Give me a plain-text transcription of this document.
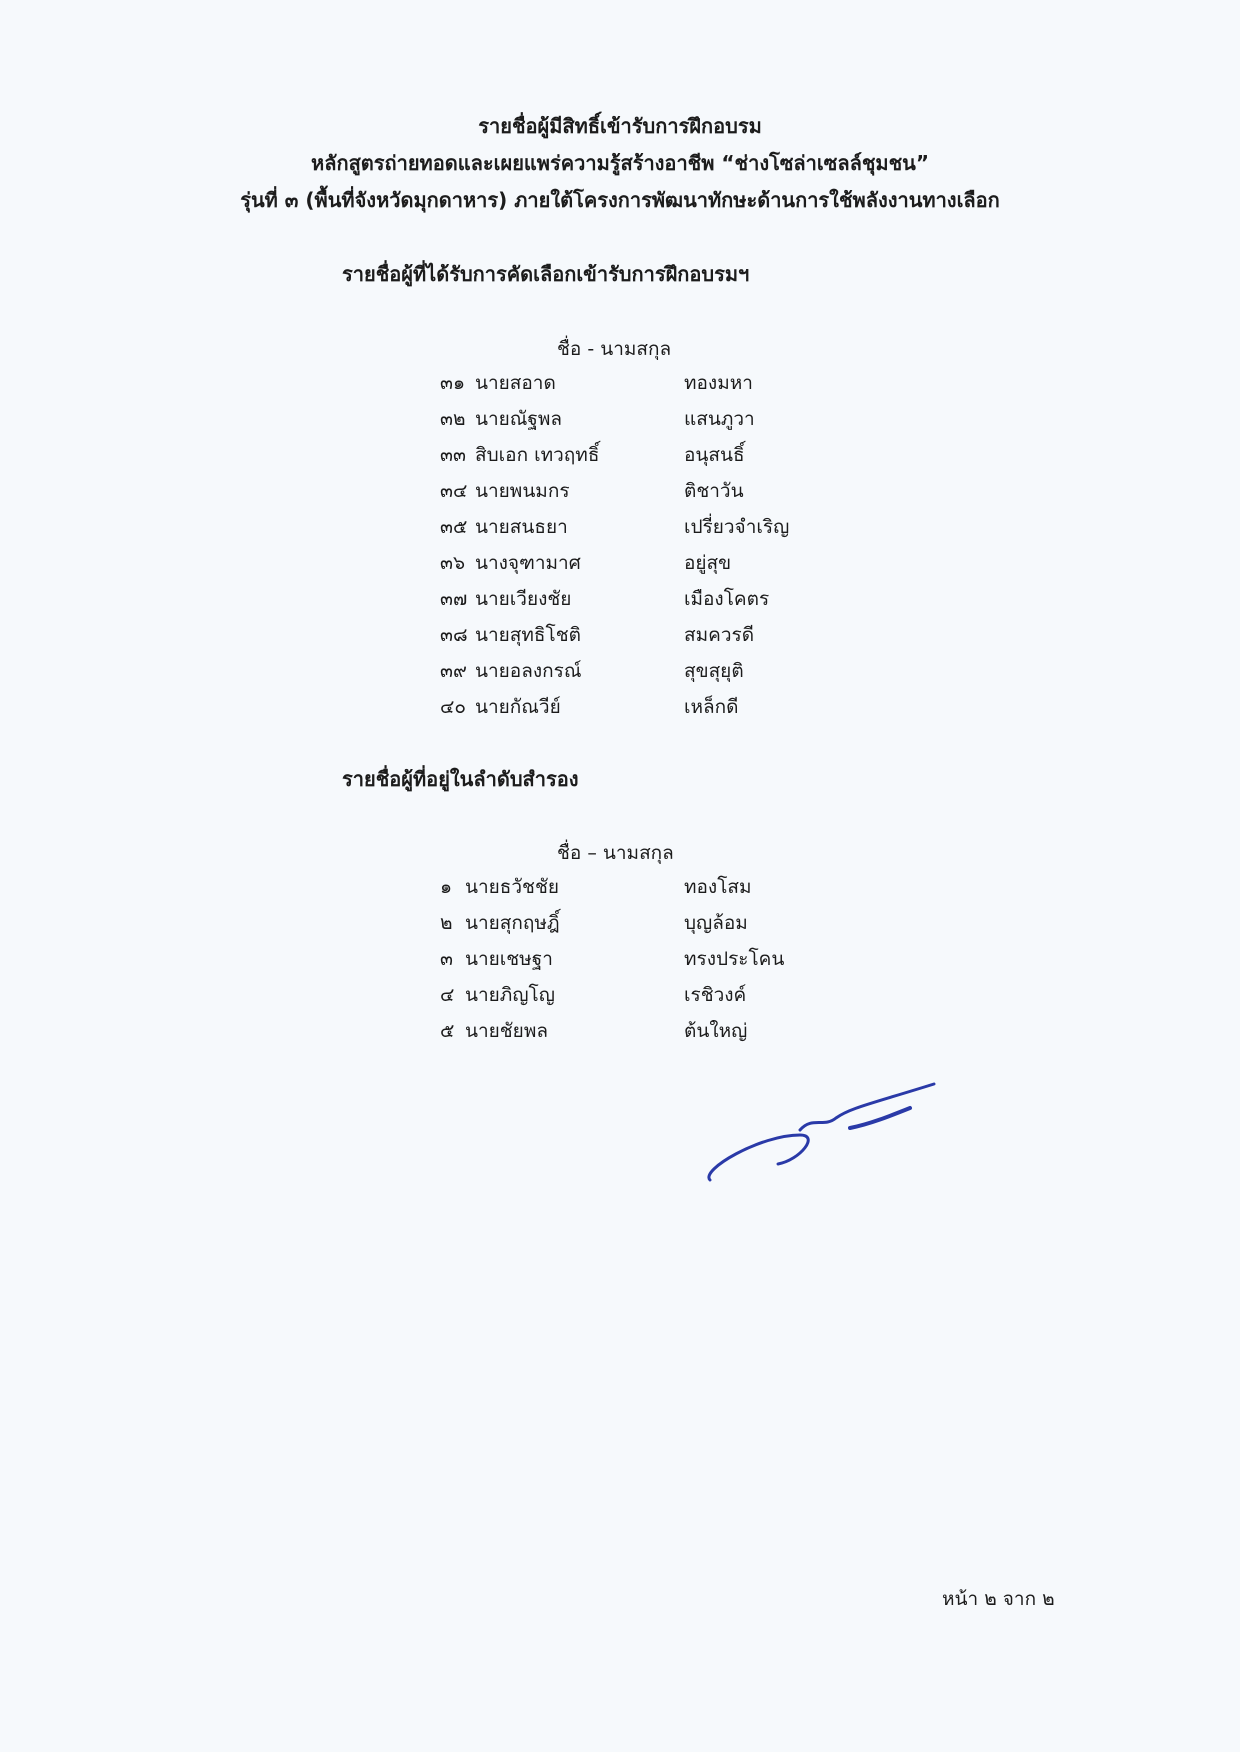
รายชื่อผู้มีสิทธิ์เข้ารับการฝึกอบรม
หลักสูตรถ่ายทอดและเผยแพร่ความรู้สร้างอาชีพ “ช่างโซล่าเซลล์ชุมชน”
รุ่นที่ ๓ (พื้นที่จังหวัดมุกดาหาร) ภายใต้โครงการพัฒนาทักษะด้านการใช้พลังงานทางเลือก
รายชื่อผู้ที่ได้รับการคัดเลือกเข้ารับการฝึกอบรมฯ
ชื่อ - นามสกุล
๓๑ นายสอาด	ทองมหา
๓๒ นายณัฐพล	แสนภูวา
๓๓ สิบเอก เทวฤทธิ์	อนุสนธิ์
๓๔ นายพนมกร	ติชาวัน
๓๕ นายสนธยา	เปรี่ยวจำเริญ
๓๖ นางจุฑามาศ	อยู่สุข
๓๗ นายเวียงชัย	เมืองโคตร
๓๘ นายสุทธิโชติ	สมควรดี
๓๙ นายอลงกรณ์	สุขสุยุติ
๔๐ นายกัณวีย์	เหล็กดี
รายชื่อผู้ที่อยู่ในลำดับสำรอง
ชื่อ – นามสกุล
๑ นายธวัชชัย	ทองโสม
๒ นายสุกฤษฎิ์	บุญล้อม
๓ นายเชษฐา	ทรงประโคน
๔ นายภิญโญ	เรชิวงค์
๕ นายชัยพล	ต้นใหญ่
หน้า ๒ จาก ๒
